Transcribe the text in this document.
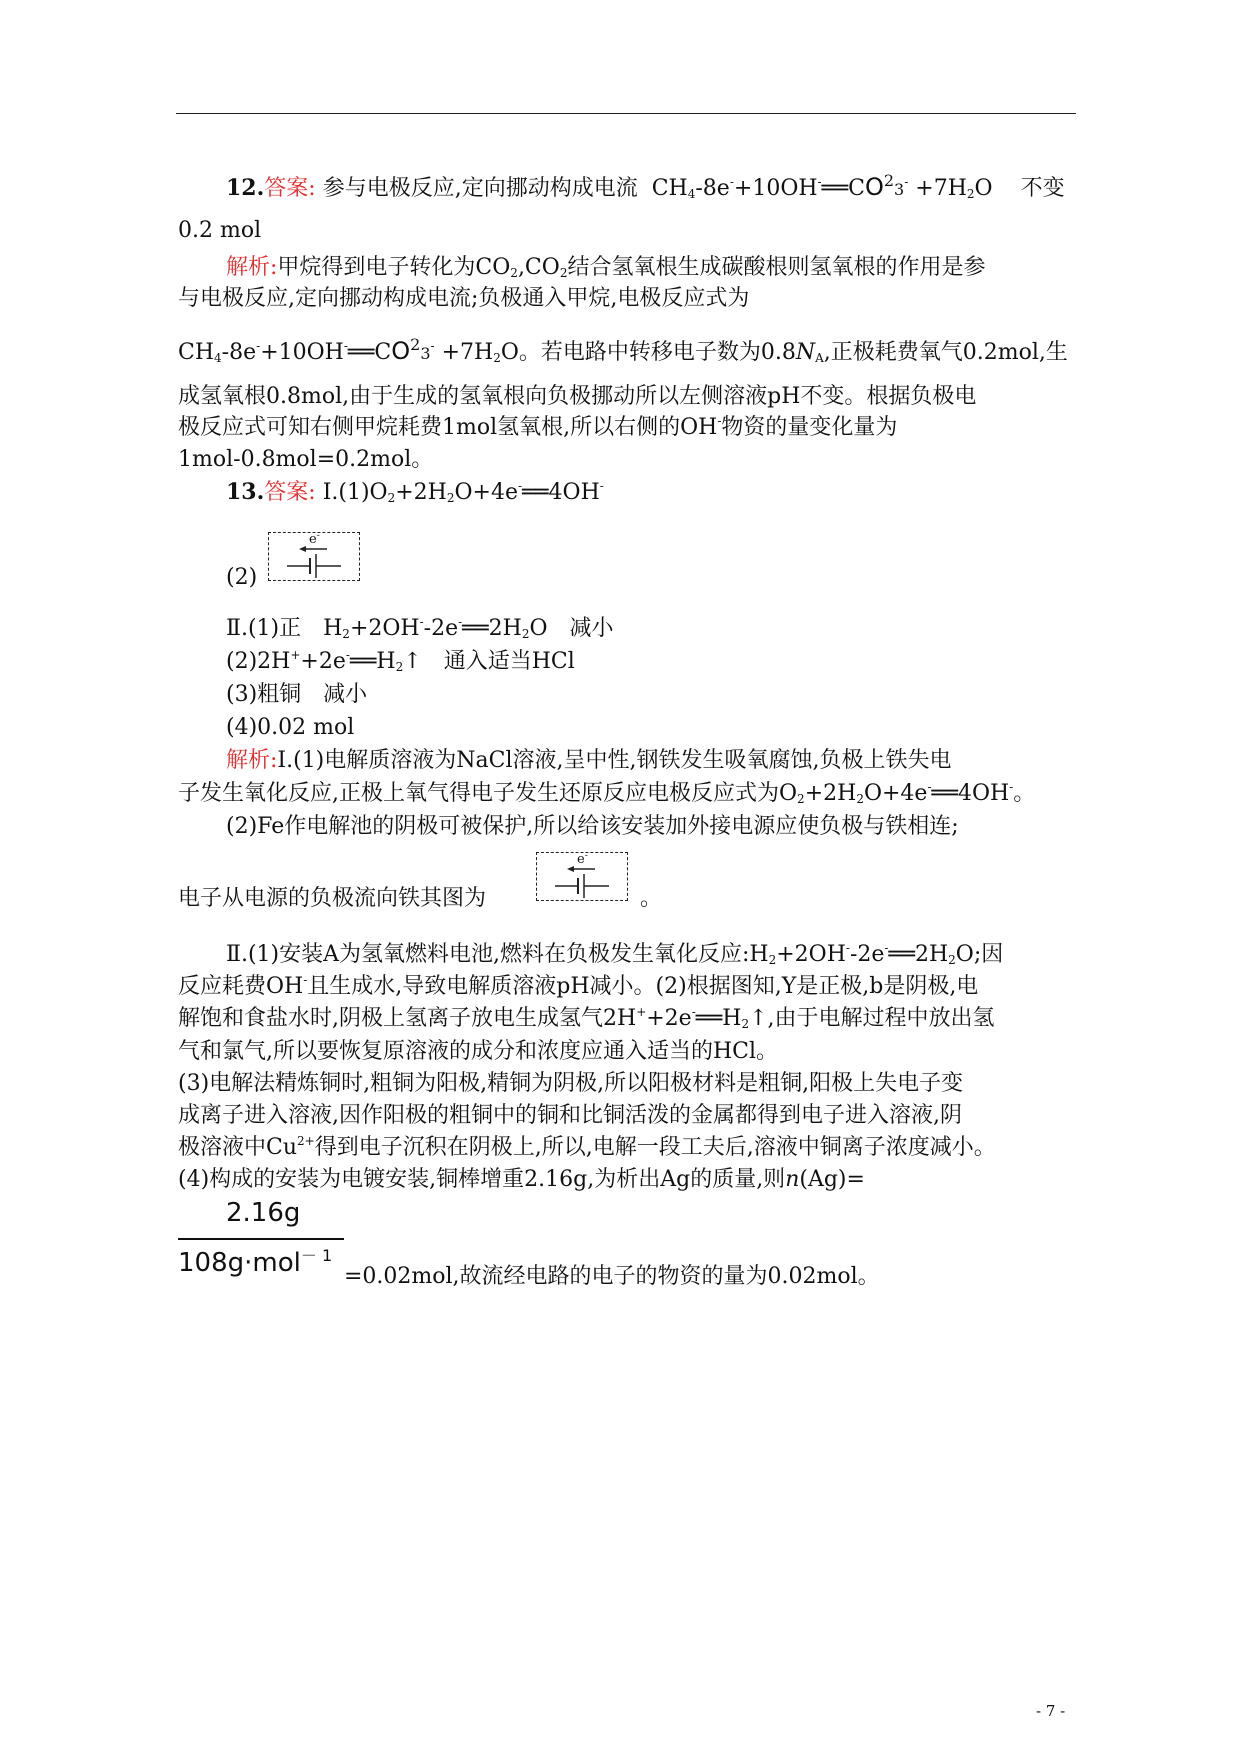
12.答案: 参与电极反应,定向挪动构成电流 $CH_4-8e^-+10OH^-══CO^23^- +7H_2O$ 不变
0.2 mol
解析:甲烷得到电子转化为$CO_2,CO_2$结合氢氧根生成碳酸根则氢氧根的作用是参
与电极反应,定向挪动构成电流;负极通入甲烷,电极反应式为
$CH_4-8e^-+10OH^-══CO^23^- +7H_2O$。若电路中转移电子数为$0.8N_A$,正极耗费氧气0.2mol,生
成氢氧根0.8mol,由于生成的氢氧根向负极挪动所以左侧溶液pH不变。根据负极电
极反应式可知右侧甲烷耗费1mol氢氧根,所以右侧的OH-物资的量变化量为
1mol-0.8mol=0.2mol。
13.答案: $Ⅰ.(1)O_2+2H_2O+4e^-══4OH^-$
(2)
e-
Ⅱ.(1)正　$H_2+2OH^--2e^-══2H_2O$　减小
$(2)2H^++2e^-══H_2↑$　通入适当HCl
(3)粗铜　减小
(4)0.02 mol
解析:Ⅰ.(1)电解质溶液为NaCl溶液,呈中性,钢铁发生吸氧腐蚀,负极上铁失电
子发生氧化反应,正极上氧气得电子发生还原反应电极反应式为$O_2+2H_2O+4e^-══4OH^-$。
(2)Fe作电解池的阴极可被保护,所以给该安装加外接电源应使负极与铁相连;
电子从电源的负极流向铁其图为
e-
。
Ⅱ.(1)安装A为氢氧燃料电池,燃料在负极发生氧化反应$:H_2+2OH^--2e^-══2H_2O$;因
反应耗费OH-且生成水,导致电解质溶液pH减小。(2)根据图知,Y是正极,b是阴极,电
解饱和食盐水时,阴极上氢离子放电生成氢气$2H^++2e^-══H_2↑$,由于电解过程中放出氢
气和氯气,所以要恢复原溶液的成分和浓度应通入适当的HCl。
(3)电解法精炼铜时,粗铜为阳极,精铜为阴极,所以阳极材料是粗铜,阳极上失电子变
成离子进入溶液,因作阳极的粗铜中的铜和比铜活泼的金属都得到电子进入溶液,阴
极溶液中$Cu^{2+}$得到电子沉积在阴极上,所以,电解一段工夫后,溶液中铜离子浓度减小。
(4)构成的安装为电镀安装,铜棒增重2.16g,为析出Ag的质量,则n(Ag)=
2.16g
108g·mol$^{- 1}$
=0.02mol,故流经电路的电子的物资的量为0.02mol。
- 7 -
